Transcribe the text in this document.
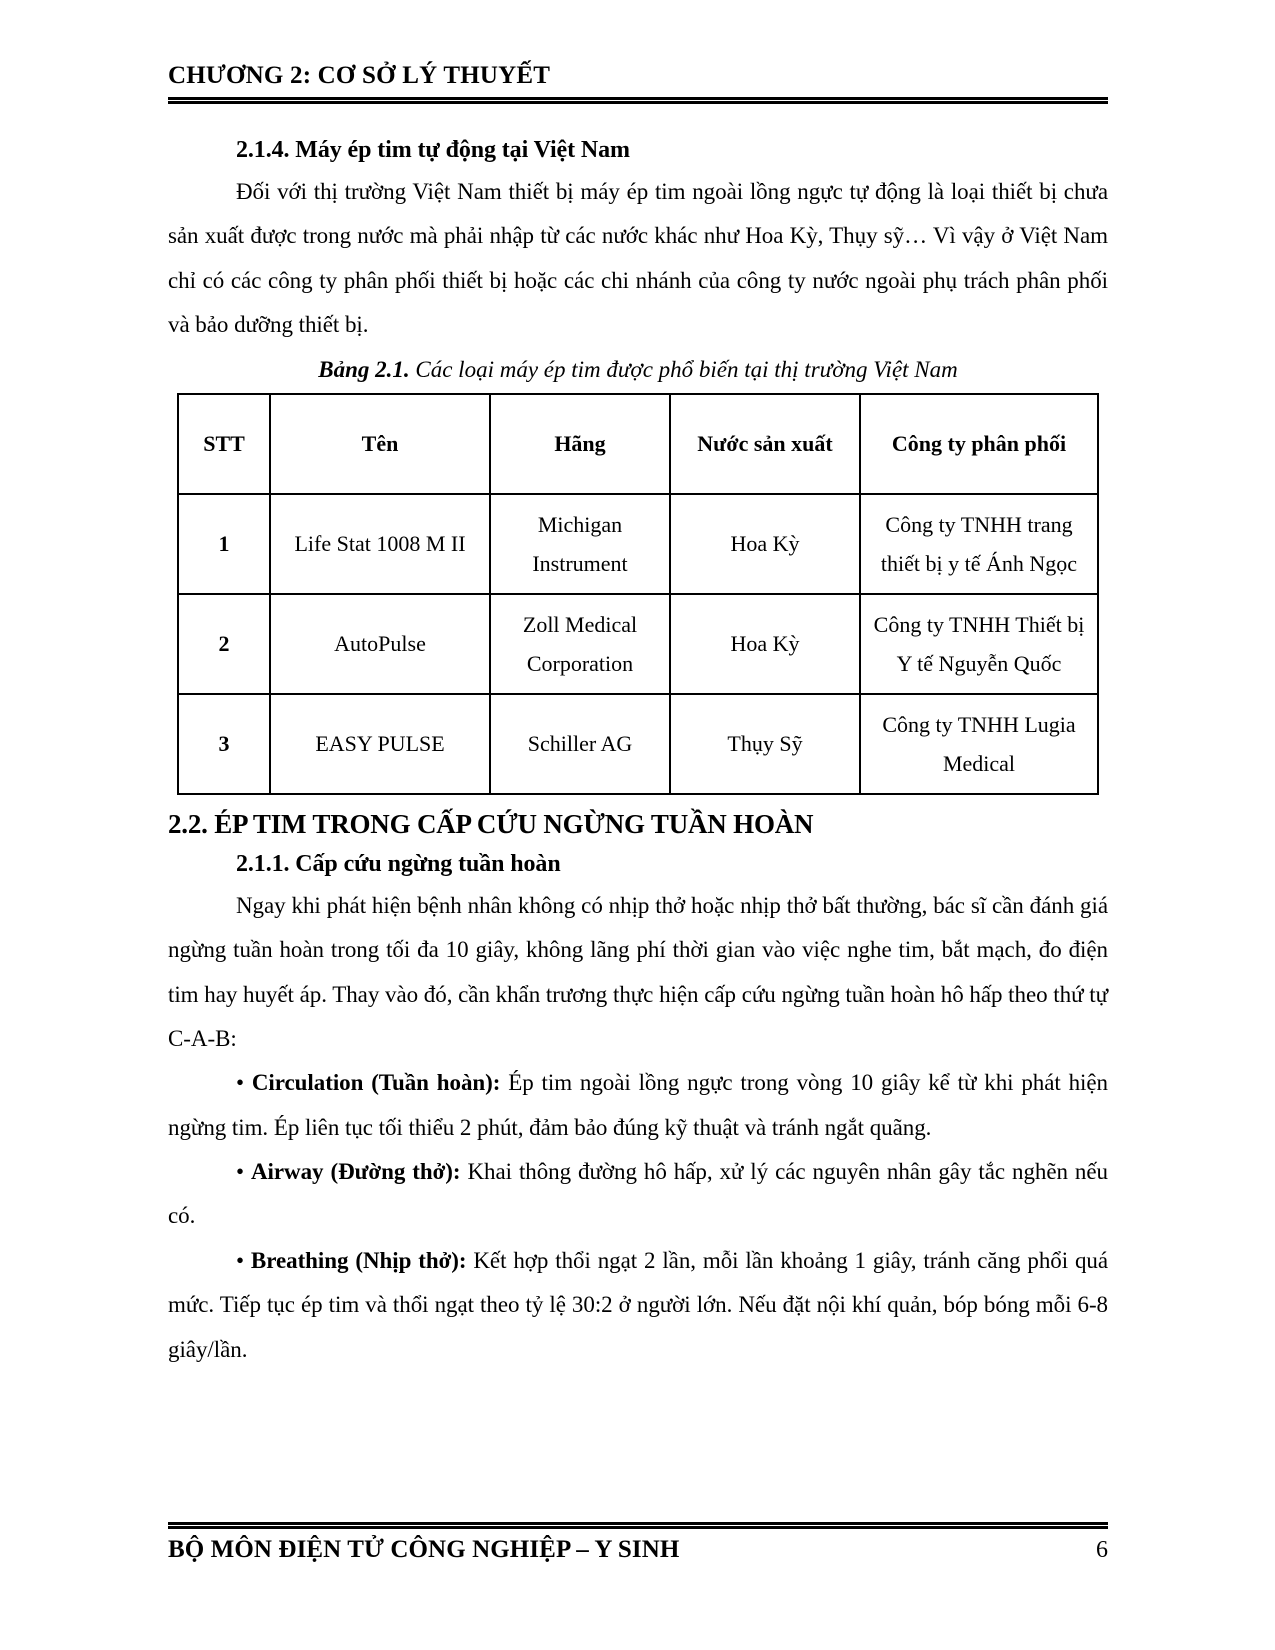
CHƯƠNG 2: CƠ SỞ LÝ THUYẾT
2.1.4. Máy ép tim tự động tại Việt Nam

Đối với thị trường Việt Nam thiết bị máy ép tim ngoài lồng ngực tự động là loại thiết bị chưa sản xuất được trong nước mà phải nhập từ các nước khác như Hoa Kỳ, Thụy sỹ… Vì vậy ở Việt Nam chỉ có các công ty phân phối thiết bị hoặc các chi nhánh của công ty nước ngoài phụ trách phân phối và bảo dưỡng thiết bị.

Bảng 2.1. Các loại máy ép tim được phổ biến tại thị trường Việt Nam
STT	Tên	Hãng	Nước sản xuất	Công ty phân phối
1	Life Stat 1008 M II	Michigan Instrument	Hoa Kỳ	Công ty TNHH trang thiết bị y tế Ánh Ngọc
2	AutoPulse	Zoll Medical Corporation	Hoa Kỳ	Công ty TNHH Thiết bị Y tế Nguyễn Quốc
3	EASY PULSE	Schiller AG	Thụy Sỹ	Công ty TNHH Lugia Medical
2.2. ÉP TIM TRONG CẤP CỨU NGỪNG TUẦN HOÀN
2.1.1. Cấp cứu ngừng tuần hoàn

Ngay khi phát hiện bệnh nhân không có nhịp thở hoặc nhịp thở bất thường, bác sĩ cần đánh giá ngừng tuần hoàn trong tối đa 10 giây, không lãng phí thời gian vào việc nghe tim, bắt mạch, đo điện tim hay huyết áp. Thay vào đó, cần khẩn trương thực hiện cấp cứu ngừng tuần hoàn hô hấp theo thứ tự C-A-B:

• Circulation (Tuần hoàn): Ép tim ngoài lồng ngực trong vòng 10 giây kể từ khi phát hiện ngừng tim. Ép liên tục tối thiểu 2 phút, đảm bảo đúng kỹ thuật và tránh ngắt quãng.

• Airway (Đường thở): Khai thông đường hô hấp, xử lý các nguyên nhân gây tắc nghẽn nếu có.

• Breathing (Nhịp thở): Kết hợp thổi ngạt 2 lần, mỗi lần khoảng 1 giây, tránh căng phổi quá mức. Tiếp tục ép tim và thổi ngạt theo tỷ lệ 30:2 ở người lớn. Nếu đặt nội khí quản, bóp bóng mỗi 6-8 giây/lần.

BỘ MÔN ĐIỆN TỬ CÔNG NGHIỆP – Y SINH	6
